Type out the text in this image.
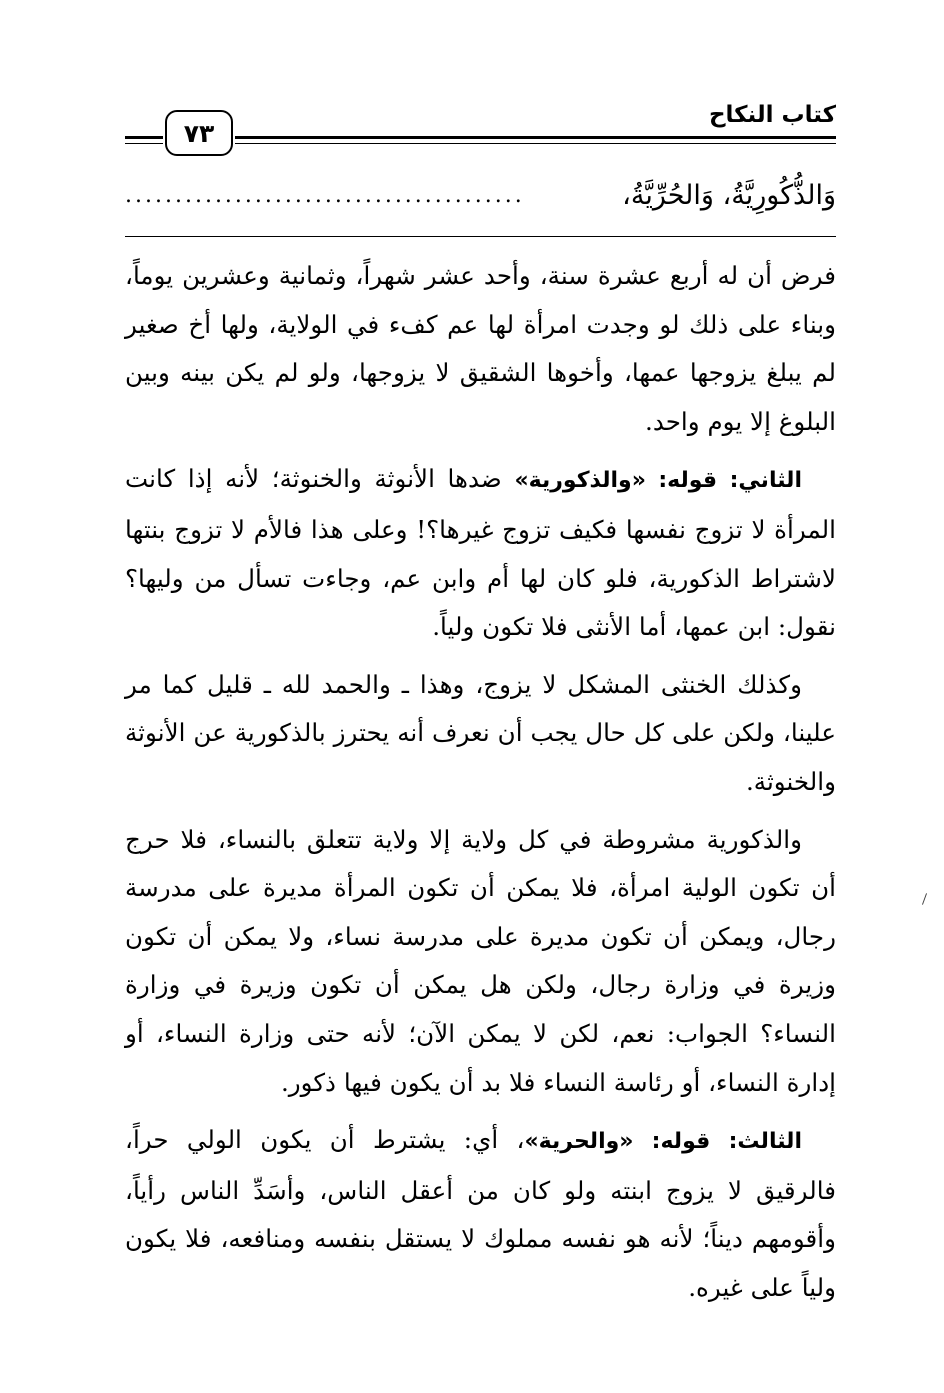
كتاب النكاح
٧٣
وَالذُّكُورِيَّةُ، وَالحُرِّيَّةُ،
........................................

فرض أن له أربع عشرة سنة، وأحد عشر شهراً، وثمانية وعشرين يوماً، وبناء على ذلك لو وجدت امرأة لها عم كفء في الولاية، ولها أخ صغير لم يبلغ يزوجها عمها، وأخوها الشقيق لا يزوجها، ولو لم يكن بينه وبين البلوغ إلا يوم واحد.

الثاني: قوله: «والذكورية» ضدها الأنوثة والخنوثة؛ لأنه إذا كانت المرأة لا تزوج نفسها فكيف تزوج غيرها؟! وعلى هذا فالأم لا تزوج بنتها لاشتراط الذكورية، فلو كان لها أم وابن عم، وجاءت تسأل من وليها؟ نقول: ابن عمها، أما الأنثى فلا تكون ولياً.

وكذلك الخنثى المشكل لا يزوج، وهذا ـ والحمد لله ـ قليل كما مر علينا، ولكن على كل حال يجب أن نعرف أنه يحترز بالذكورية عن الأنوثة والخنوثة.

والذكورية مشروطة في كل ولاية إلا ولاية تتعلق بالنساء، فلا حرج أن تكون الولية امرأة، فلا يمكن أن تكون المرأة مديرة على مدرسة رجال، ويمكن أن تكون مديرة على مدرسة نساء، ولا يمكن أن تكون وزيرة في وزارة رجال، ولكن هل يمكن أن تكون وزيرة في وزارة النساء؟ الجواب: نعم، لكن لا يمكن الآن؛ لأنه حتى وزارة النساء، أو إدارة النساء، أو رئاسة النساء فلا بد أن يكون فيها ذكور.

الثالث: قوله: «والحرية»، أي: يشترط أن يكون الولي حراً، فالرقيق لا يزوج ابنته ولو كان من أعقل الناس، وأسَدِّ الناس رأياً، وأقومهم ديناً؛ لأنه هو نفسه مملوك لا يستقل بنفسه ومنافعه، فلا يكون ولياً على غيره.
